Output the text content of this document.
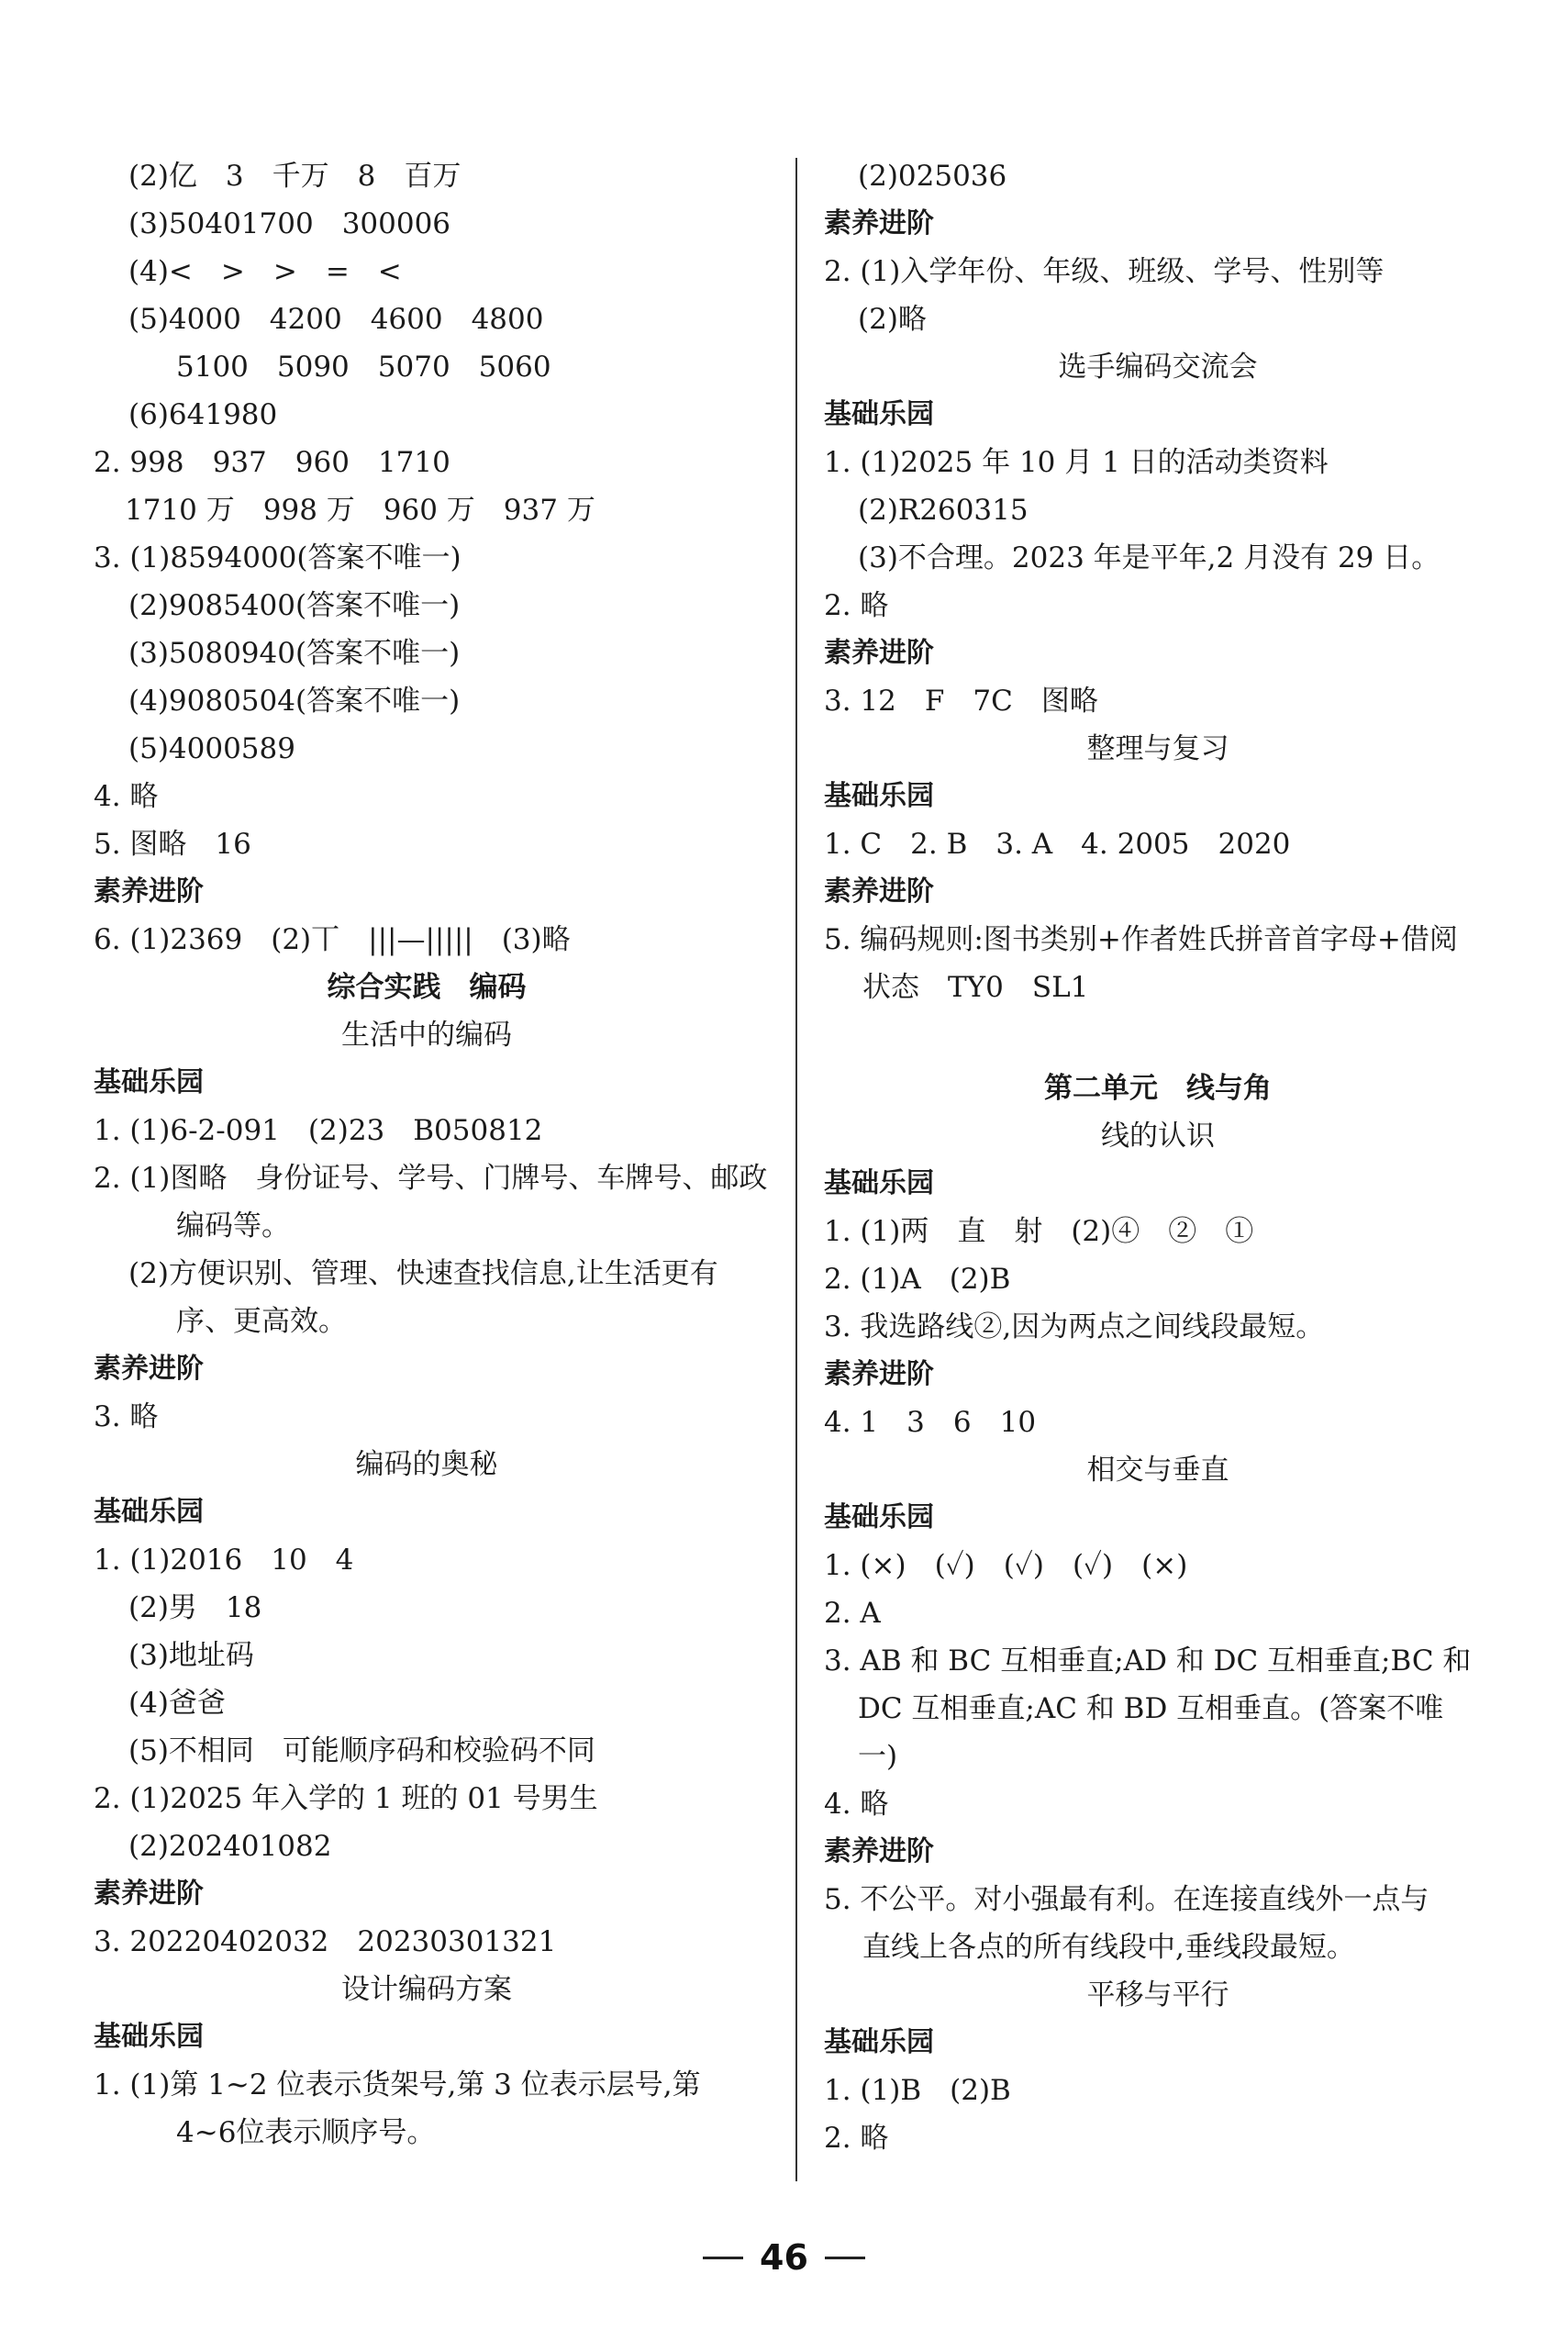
(2)亿　3　千万　8　百万
(3)50401700　300006
(4)<　>　>　=　<
(5)4000　4200　4600　4800
5100　5090　5070　5060
(6)641980
2. 998　937　960　1710
1710 万　998 万　960 万　937 万
3. (1)8594000(答案不唯一)
(2)9085400(答案不唯一)
(3)5080940(答案不唯一)
(4)9080504(答案不唯一)
(5)4000589
4. 略
5. 图略　16
素养进阶
6. (1)2369　(2)丅　|||—|||||　(3)略
综合实践　编码
生活中的编码
基础乐园
1. (1)6-2-091　(2)23　B050812
2. (1)图略　身份证号、学号、门牌号、车牌号、邮政
编码等。
(2)方便识别、管理、快速查找信息,让生活更有
序、更高效。
素养进阶
3. 略
编码的奥秘
基础乐园
1. (1)2016　10　4
(2)男　18
(3)地址码
(4)爸爸
(5)不相同　可能顺序码和校验码不同
2. (1)2025 年入学的 1 班的 01 号男生
(2)202401082
素养进阶
3. 20220402032　20230301321
设计编码方案
基础乐园
1. (1)第 1~2 位表示货架号,第 3 位表示层号,第
4~6位表示顺序号。
(2)025036
素养进阶
2. (1)入学年份、年级、班级、学号、性别等
(2)略
选手编码交流会
基础乐园
1. (1)2025 年 10 月 1 日的活动类资料
(2)R260315
(3)不合理。2023 年是平年,2 月没有 29 日。
2. 略
素养进阶
3. 12　F　7C　图略
整理与复习
基础乐园
1. C　2. B　3. A　4. 2005　2020
素养进阶
5. 编码规则:图书类别+作者姓氏拼音首字母+借阅
状态　TY0　SL1
第二单元　线与角
线的认识
基础乐园
1. (1)两　直　射　(2)④　②　①
2. (1)A　(2)B
3. 我选路线②,因为两点之间线段最短。
素养进阶
4. 1　3　6　10
相交与垂直
基础乐园
1. (×)　(✓)　(✓)　(✓)　(×)
2. A
3. AB 和 BC 互相垂直;AD 和 DC 互相垂直;BC 和
DC 互相垂直;AC 和 BD 互相垂直。(答案不唯
一)
4. 略
素养进阶
5. 不公平。对小强最有利。在连接直线外一点与
直线上各点的所有线段中,垂线段最短。
平移与平行
基础乐园
1. (1)B　(2)B
2. 略
46
